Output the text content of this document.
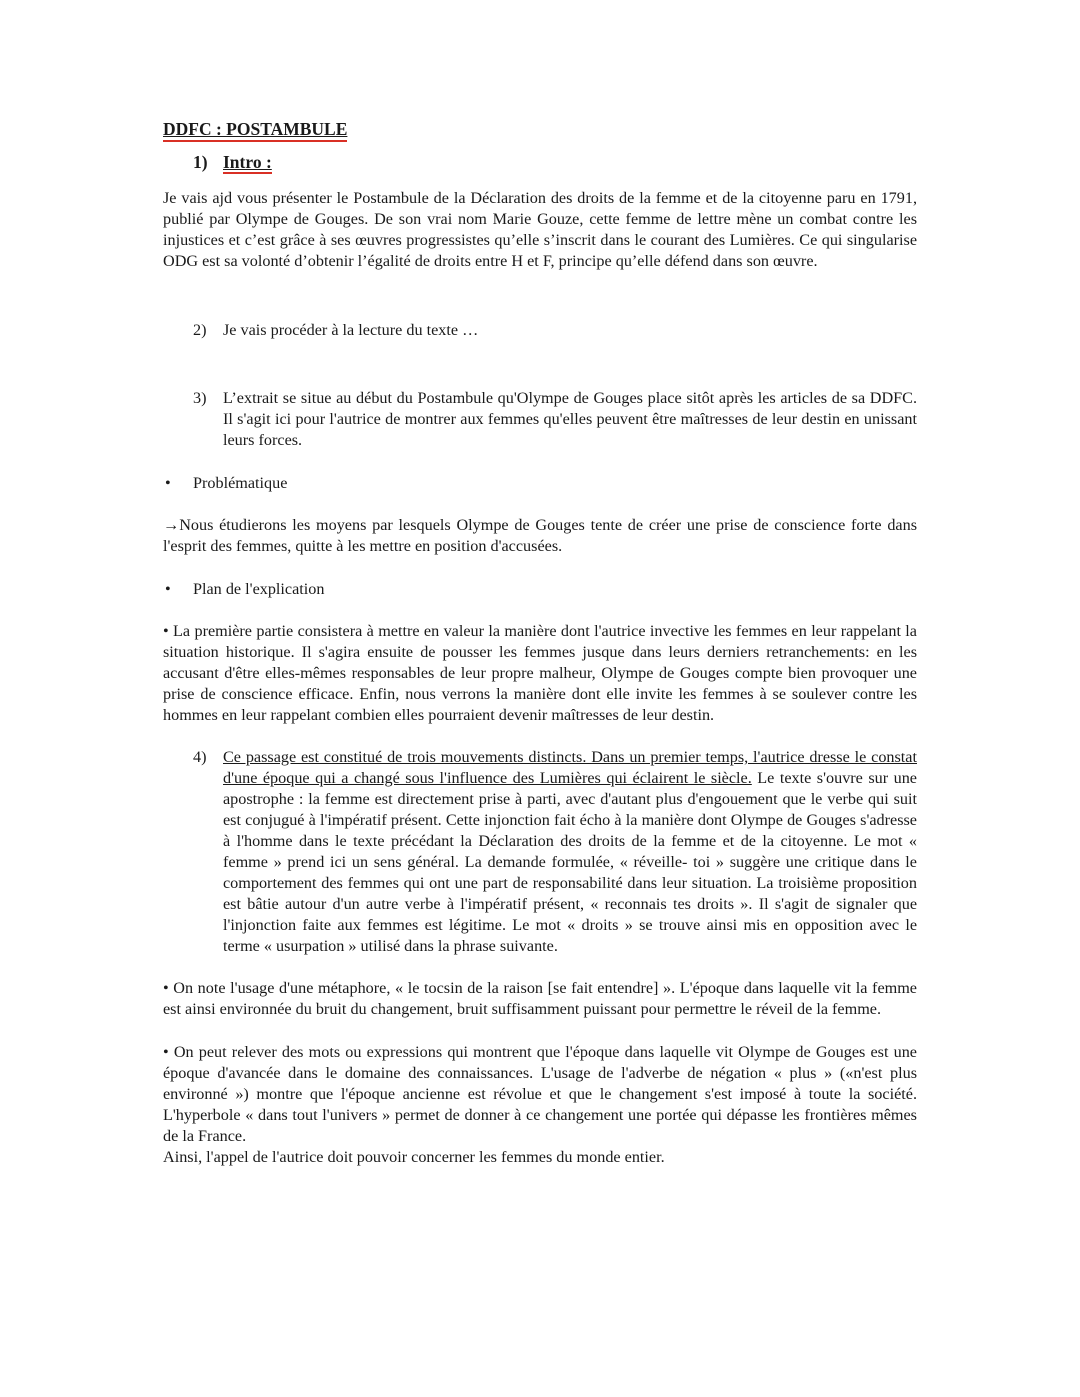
DDFC : POSTAMBULE
1) Intro :

Je vais ajd vous présenter le Postambule de la Déclaration des droits de la femme et de la citoyenne paru en 1791, publié par Olympe de Gouges. De son vrai nom Marie Gouze, cette femme de lettre mène un combat contre les injustices et c’est grâce à ses œuvres progressistes qu’elle s’inscrit dans le courant des Lumières. Ce qui singularise ODG est sa volonté d’obtenir l’égalité de droits entre H et F, principe qu’elle défend dans son œuvre.

2) Je vais procéder à la lecture du texte …
3) L’extrait se situe au début du Postambule qu'Olympe de Gouges place sitôt après les articles de sa DDFC. Il s'agit ici pour l'autrice de montrer aux femmes qu'elles peuvent être maîtresses de leur destin en unissant leurs forces.

• Problématique

→Nous étudierons les moyens par lesquels Olympe de Gouges tente de créer une prise de conscience forte dans l'esprit des femmes, quitte à les mettre en position d'accusées.

• Plan de l'explication

• La première partie consistera à mettre en valeur la manière dont l'autrice invective les femmes en leur rappelant la situation historique. Il s'agira ensuite de pousser les femmes jusque dans leurs derniers retranchements: en les accusant d'être elles-mêmes responsables de leur propre malheur, Olympe de Gouges compte bien provoquer une prise de conscience efficace. Enfin, nous verrons la manière dont elle invite les femmes à se soulever contre les hommes en leur rappelant combien elles pourraient devenir maîtresses de leur destin.

4) Ce passage est constitué de trois mouvements distincts. Dans un premier temps, l'autrice dresse le constat d'une époque qui a changé sous l'influence des Lumières qui éclairent le siècle. Le texte s'ouvre sur une apostrophe : la femme est directement prise à parti, avec d'autant plus d'engouement que le verbe qui suit est conjugué à l'impératif présent. Cette injonction fait écho à la manière dont Olympe de Gouges s'adresse à l'homme dans le texte précédant la Déclaration des droits de la femme et de la citoyenne. Le mot « femme » prend ici un sens général. La demande formulée, « réveille- toi » suggère une critique dans le comportement des femmes qui ont une part de responsabilité dans leur situation. La troisième proposition est bâtie autour d'un autre verbe à l'impératif présent, « reconnais tes droits ». Il s'agit de signaler que l'injonction faite aux femmes est légitime. Le mot « droits » se trouve ainsi mis en opposition avec le terme « usurpation » utilisé dans la phrase suivante.

• On note l'usage d'une métaphore, « le tocsin de la raison [se fait entendre] ». L'époque dans laquelle vit la femme est ainsi environnée du bruit du changement, bruit suffisamment puissant pour permettre le réveil de la femme.

• On peut relever des mots ou expressions qui montrent que l'époque dans laquelle vit Olympe de Gouges est une époque d'avancée dans le domaine des connaissances. L'usage de l'adverbe de négation « plus » («n'est plus environné ») montre que l'époque ancienne est révolue et que le changement s'est imposé à toute la société. L'hyperbole « dans tout l'univers » permet de donner à ce changement une portée qui dépasse les frontières mêmes de la France.

Ainsi, l'appel de l'autrice doit pouvoir concerner les femmes du monde entier.
